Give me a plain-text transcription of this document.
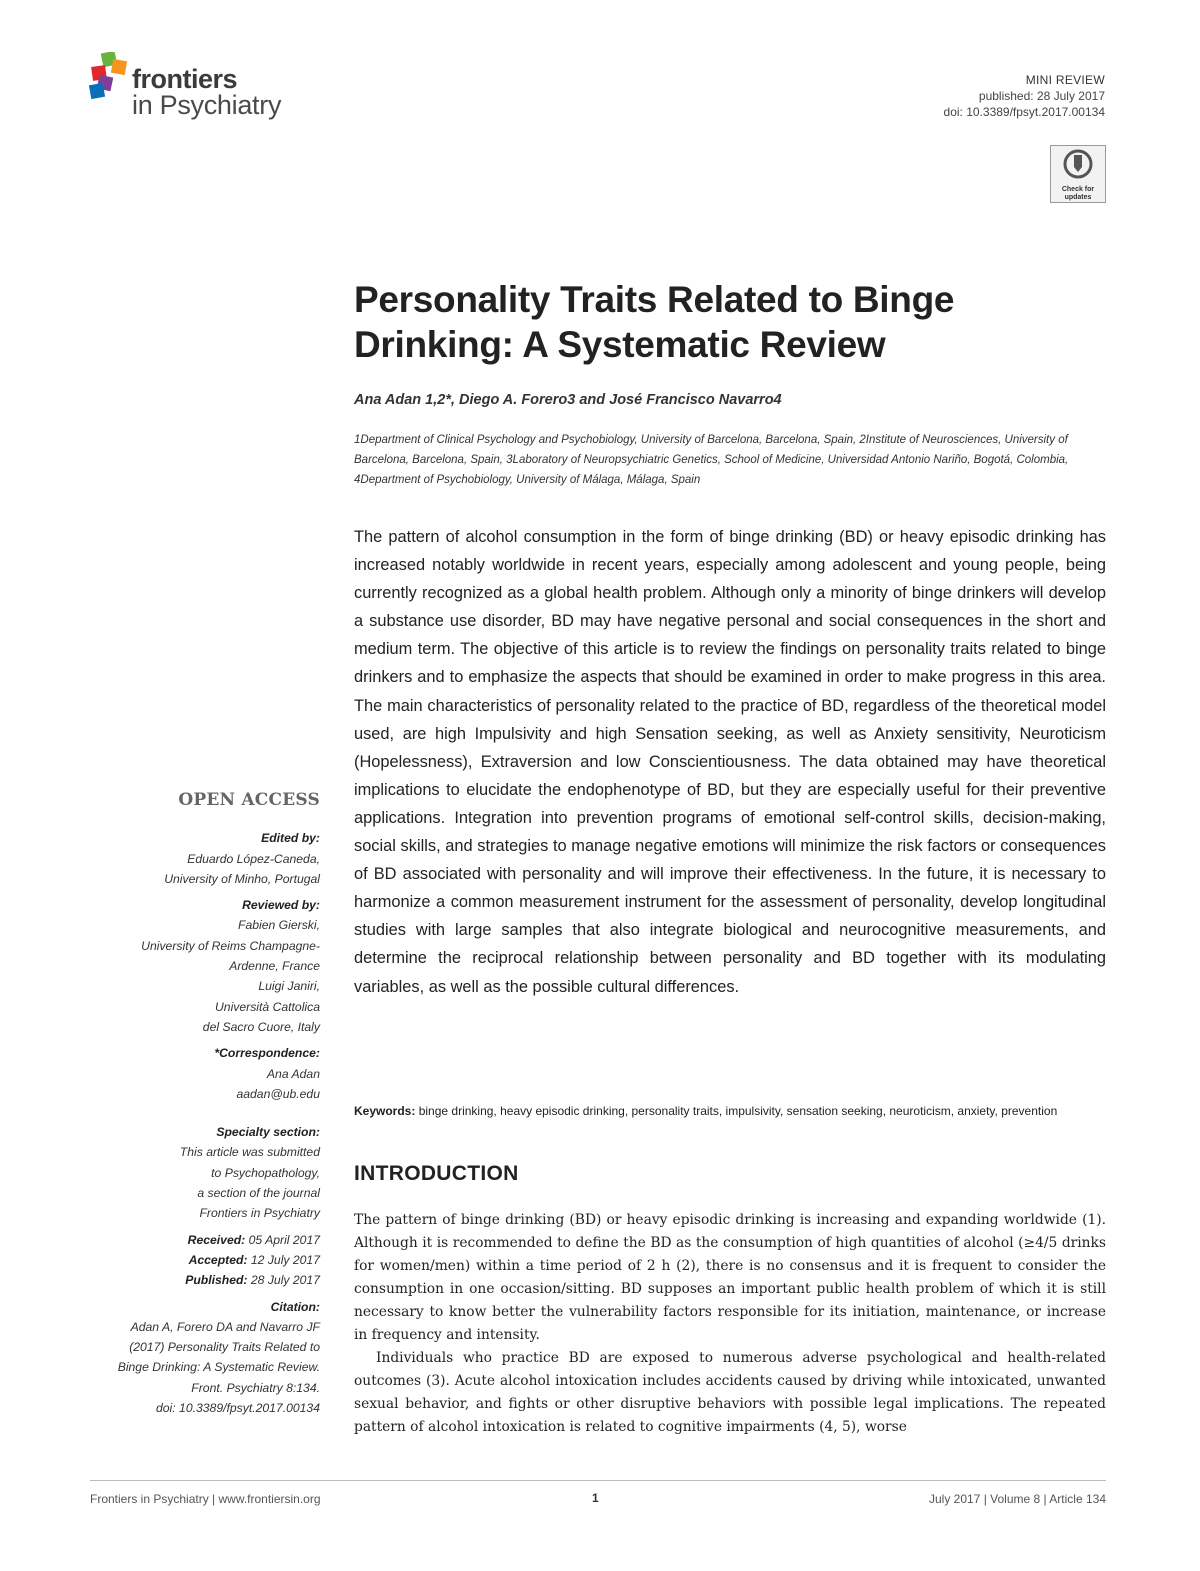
frontiers
in Psychiatry
MINI REVIEW
published: 28 July 2017
doi: 10.3389/fpsyt.2017.00134
Check for updates
Personality Traits Related to Binge Drinking: A Systematic Review
Ana Adan 1,2*, Diego A. Forero3 and José Francisco Navarro4
1Department of Clinical Psychology and Psychobiology, University of Barcelona, Barcelona, Spain, 2Institute of Neurosciences, University of Barcelona, Barcelona, Spain, 3Laboratory of Neuropsychiatric Genetics, School of Medicine, Universidad Antonio Nariño, Bogotá, Colombia, 4Department of Psychobiology, University of Málaga, Málaga, Spain
The pattern of alcohol consumption in the form of binge drinking (BD) or heavy episodic drinking has increased notably worldwide in recent years, especially among adolescent and young people, being currently recognized as a global health problem. Although only a minority of binge drinkers will develop a substance use disorder, BD may have negative personal and social consequences in the short and medium term. The objective of this article is to review the findings on personality traits related to binge drinkers and to emphasize the aspects that should be examined in order to make progress in this area. The main characteristics of personality related to the practice of BD, regardless of the theoretical model used, are high Impulsivity and high Sensation seeking, as well as Anxiety sensitivity, Neuroticism (Hopelessness), Extraversion and low Conscientiousness. The data obtained may have theoretical implications to elucidate the endophenotype of BD, but they are especially useful for their preventive applications. Integration into prevention programs of emotional self-control skills, decision-making, social skills, and strategies to manage negative emotions will minimize the risk factors or consequences of BD associated with personality and will improve their effectiveness. In the future, it is necessary to harmonize a common measurement instrument for the assessment of personality, develop longitudinal studies with large samples that also integrate biological and neurocognitive measurements, and determine the reciprocal relationship between personality and BD together with its modulating variables, as well as the possible cultural differences.
Keywords: binge drinking, heavy episodic drinking, personality traits, impulsivity, sensation seeking, neuroticism, anxiety, prevention
INTRODUCTION

The pattern of binge drinking (BD) or heavy episodic drinking is increasing and expanding worldwide (1). Although it is recommended to define the BD as the consumption of high quantities of alcohol (≥4/5 drinks for women/men) within a time period of 2 h (2), there is no consensus and it is frequent to consider the consumption in one occasion/sitting. BD supposes an important public health problem of which it is still necessary to know better the vulnerability factors responsible for its initiation, maintenance, or increase in frequency and intensity.

Individuals who practice BD are exposed to numerous adverse psychological and health-related outcomes (3). Acute alcohol intoxication includes accidents caused by driving while intoxicated, unwanted sexual behavior, and fights or other disruptive behaviors with possible legal implications. The repeated pattern of alcohol intoxication is related to cognitive impairments (4, 5), worse

OPEN ACCESS
Edited by:
Eduardo López-Caneda,
University of Minho, Portugal
Reviewed by:
Fabien Gierski,
University of Reims Champagne-
Ardenne, France
Luigi Janiri,
Università Cattolica
del Sacro Cuore, Italy
*Correspondence:
Ana Adan
aadan@ub.edu
Specialty section:
This article was submitted
to Psychopathology,
a section of the journal
Frontiers in Psychiatry
Received: 05 April 2017
Accepted: 12 July 2017
Published: 28 July 2017
Citation:
Adan A, Forero DA and Navarro JF
(2017) Personality Traits Related to
Binge Drinking: A Systematic Review.
Front. Psychiatry 8:134.
doi: 10.3389/fpsyt.2017.00134
Frontiers in Psychiatry | www.frontiersin.org	1	July 2017 | Volume 8 | Article 134
